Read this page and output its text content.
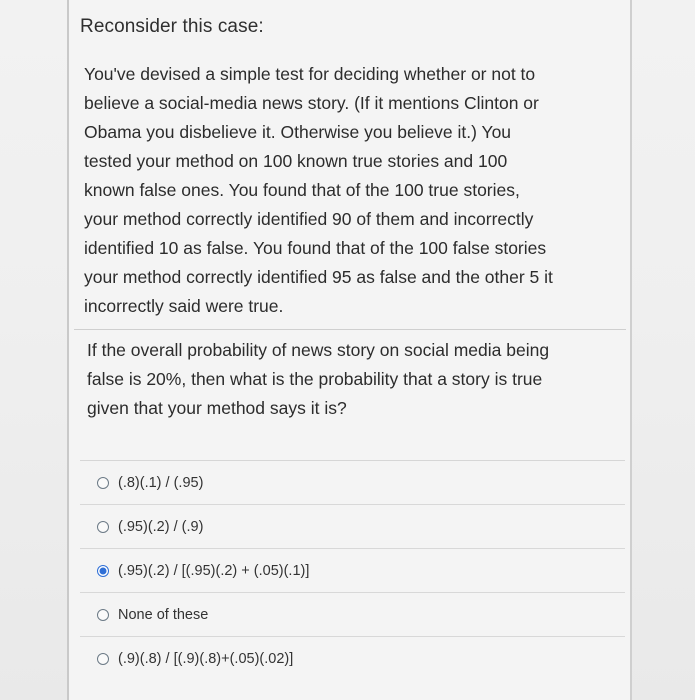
Reconsider this case:
You've devised a simple test for deciding whether or not to
believe a social-media news story. (If it mentions Clinton or
Obama you disbelieve it. Otherwise you believe it.) You
tested your method on 100 known true stories and 100
known false ones. You found that of the 100 true stories,
your method correctly identified 90 of them and incorrectly
identified 10 as false. You found that of the 100 false stories
your method correctly identified 95 as false and the other 5 it
incorrectly said were true.
If the overall probability of news story on social media being
false is 20%, then what is the probability that a story is true
given that your method says it is?
(.8)(.1) / (.95)
(.95)(.2) / (.9)
(.95)(.2) / [(.95)(.2) + (.05)(.1)]
None of these
(.9)(.8) / [(.9)(.8)+(.05)(.02)]
